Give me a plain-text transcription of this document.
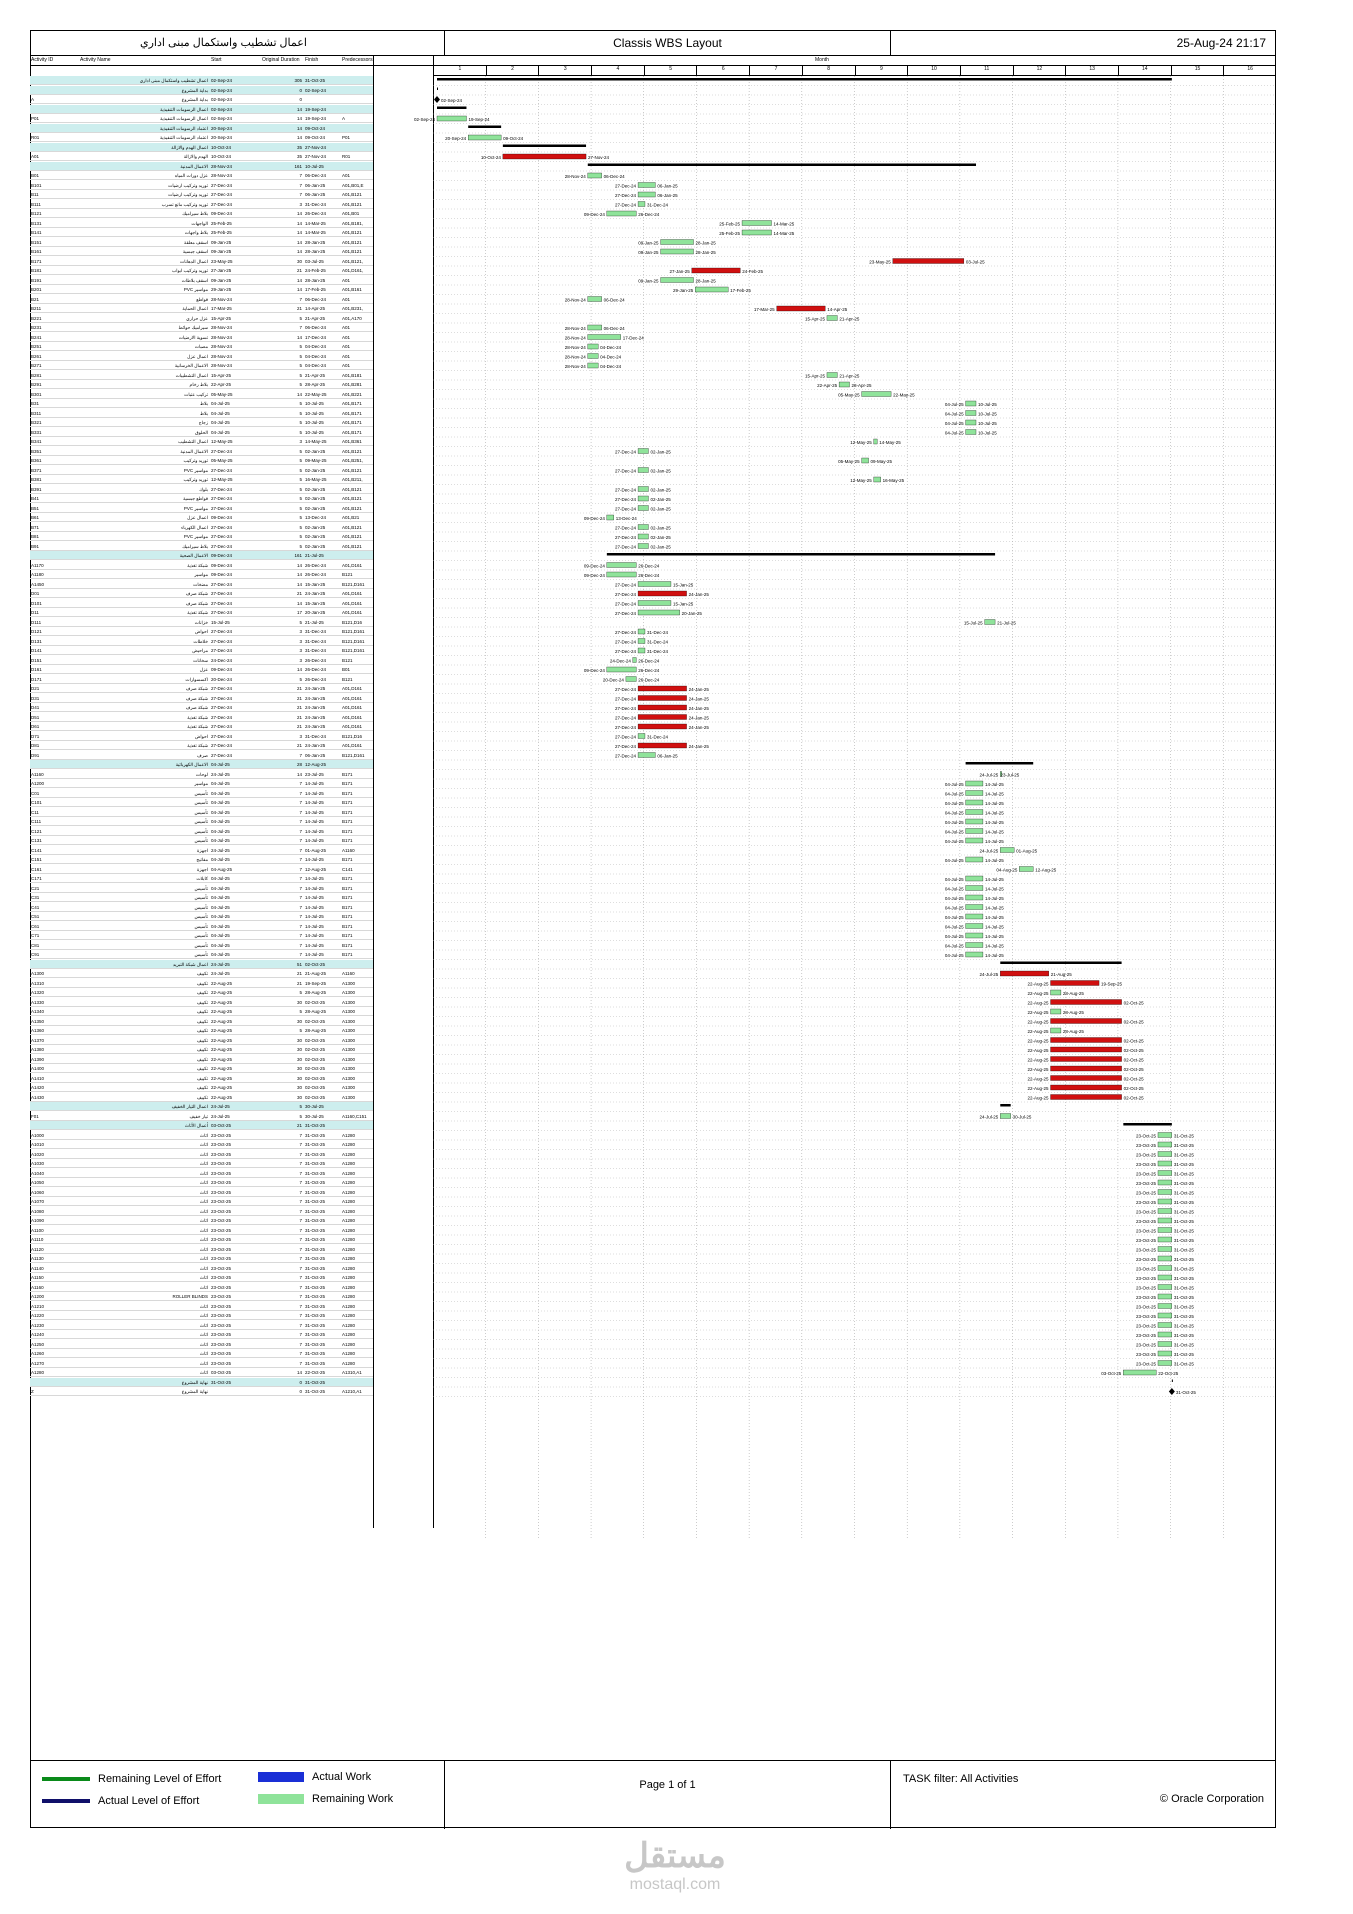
اعمال تشطيب واستكمال مبنى اداري	Classis WBS Layout	25-Aug-24 21:17
Activity ID	Activity Name	Start	Original Duration Finish	Predecessors	Month
1	2	3	4	5	6	7	8	9	10	11	12	13	14	15	16
اعمال تشطيب واستكمال مبنى اداري 02-Sep-24	305 31-Oct-25
بداية المشروع 02-Sep-24	0 02-Sep-24
A	بداية المشروع 02-Sep-24	0
اعمال الرسومات التنفيذية 02-Sep-24	14 19-Sep-24
P01	اعمال الرسومات التنفيذية 02-Sep-24	14 19-Sep-24	A
اعتماد الرسومات التنفيذية 20-Sep-24	14 09-Oct-24
R01	اعتماد الرسومات التنفيذية 20-Sep-24	14 09-Oct-24	P01
اعمال الهدم والازالة 10-Oct-24	35 27-Nov-24
A01	الهدم والازالة 10-Oct-24	35 27-Nov-24	R01
الاعمال المدنية 28-Nov-24	161 10-Jul-25
B01	عزل دورات المياه 28-Nov-24	7 06-Dec-24	A01
B101	توريد وتركيب ارضيات 27-Dec-24	7 06-Jan-25	A01,B01,E
B11	توريد وتركيب ارضيات 27-Dec-24	7 06-Jan-25	A01,B121
B111	توريد وتركيب مانع تسرب 27-Dec-24	3 31-Dec-24	A01,B121
B121	بلاط سيراميك 09-Dec-24	14 26-Dec-24	A01,B01
B131	الواجهات 25-Feb-25	14 14-Mar-25	A01,B181,
B141	بلاط واجهات 25-Feb-25	14 14-Mar-25	A01,B121
B151	اسقف معلقة 09-Jan-25	14 28-Jan-25	A01,B121
B161	اسقف جبسية 09-Jan-25	14 28-Jan-25	A01,B121
B171	اعمال الدهانات 23-May-25	30 03-Jul-25	A01,B121,
B181	توريد وتركيب ابواب 27-Jan-25	21 24-Feb-25	A01,D161,
B191	اسقف بلاطات 09-Jan-25	14 28-Jan-25	A01
B201	مواسير PVC 29-Jan-25	14 17-Feb-25	A01,B161
B21	قواطع 28-Nov-24	7 06-Dec-24	A01
B211	اعمال الحماية 17-Mar-25	21 14-Apr-25	A01,B231,
B221	عزل حراري 15-Apr-25	5 21-Apr-25	A01,A170
B231	سيراميك حوائط 28-Nov-24	7 06-Dec-24	A01
B241	تسوية الارضيات 28-Nov-24	14 17-Dec-24	A01
B251	مصبات 28-Nov-24	5 04-Dec-24	A01
B261	اعمال عزل 28-Nov-24	5 04-Dec-24	A01
B271	الاعمال الخرسانية 28-Nov-24	5 04-Dec-24	A01
B281	اعمال التشطيبات 15-Apr-25	5 21-Apr-25	A01,B181
B291	بلاط رخام 22-Apr-25	5 28-Apr-25	A01,B281
B301	تركيب عتبات 05-May-25	14 22-May-25	A01,B221
B31	بلاط 04-Jul-25	5 10-Jul-25	A01,B171
B311	بلاط 04-Jul-25	5 10-Jul-25	A01,B171
B321	زجاج 04-Jul-25	5 10-Jul-25	A01,B171
B331	الحلوق 04-Jul-25	5 10-Jul-25	A01,B171
B341	اعمال التشطيب 12-May-25	3 14-May-25	A01,B361
B351	الاعمال المدنية 27-Dec-24	5 02-Jan-25	A01,B121
B361	توريد وتركيب 05-May-25	5 09-May-25	A01,B251,
B371	مواسير PVC 27-Dec-24	5 02-Jan-25	A01,B121
B381	توريد وتركيب 12-May-25	5 16-May-25	A01,B211,
B391	بلوك 27-Dec-24	5 02-Jan-25	A01,B121
B41	قواطع جبسية 27-Dec-24	5 02-Jan-25	A01,B121
B51	مواسير PVC 27-Dec-24	5 02-Jan-25	A01,B121
B61	اعمال عزل 09-Dec-24	5 13-Dec-24	A01,B21
B71	اعمال الكهرباء 27-Dec-24	5 02-Jan-25	A01,B121
B81	مواسير PVC 27-Dec-24	5 02-Jan-25	A01,B121
B91	بلاط سيراميك 27-Dec-24	5 02-Jan-25	A01,B121
الاعمال الصحية 09-Dec-24	161 21-Jul-25
A1170	شبكة تغذية 09-Dec-24	14 26-Dec-24	A01,D161
A1180	مواسير 09-Dec-24	14 26-Dec-24	B121
A1450	مضخات 27-Dec-24	14 15-Jan-25	B121,D161
D01	شبكة صرف 27-Dec-24	21 24-Jan-25	A01,D161
D101	شبكة صرف 27-Dec-24	14 15-Jan-25	A01,D161
D11	شبكة تغذية 27-Dec-24	17 20-Jan-25	A01,D161
D111	خزانات 15-Jul-25	5 21-Jul-25	B121,D16
D121	احواض 27-Dec-24	3 31-Dec-24	B121,D161
D131	خلاطات 27-Dec-24	3 31-Dec-24	B121,D161
D141	مراحيض 27-Dec-24	3 31-Dec-24	B121,D161
D151	سخانات 24-Dec-24	3 26-Dec-24	B121
D161	عزل 09-Dec-24	14 26-Dec-24	B01
D171	اكسسوارات 20-Dec-24	5 26-Dec-24	B121
D21	شبكة صرف 27-Dec-24	21 24-Jan-25	A01,D161
D31	شبكة صرف 27-Dec-24	21 24-Jan-25	A01,D161
D41	شبكة صرف 27-Dec-24	21 24-Jan-25	A01,D161
D51	شبكة تغذية 27-Dec-24	21 24-Jan-25	A01,D161
D61	شبكة تغذية 27-Dec-24	21 24-Jan-25	A01,D161
D71	احواض 27-Dec-24	3 31-Dec-24	B121,D16
D81	شبكة تغذية 27-Dec-24	21 24-Jan-25	A01,D161
D91	صرف 27-Dec-24	7 06-Jan-25	B121,D161
الاعمال الكهربائية 04-Jul-25	28 12-Aug-25
A1160	لوحات 24-Jul-25	14 23-Jul-25	B171
A1200	مواسير 04-Jul-25	7 14-Jul-25	B171
C01	تأسيس 04-Jul-25	7 14-Jul-25	B171
C101	تأسيس 04-Jul-25	7 14-Jul-25	B171
C11	تأسيس 04-Jul-25	7 14-Jul-25	B171
C111	تأسيس 04-Jul-25	7 14-Jul-25	B171
C121	تأسيس 04-Jul-25	7 14-Jul-25	B171
C131	تأسيس 04-Jul-25	7 14-Jul-25	B171
C141	اجهزة 24-Jul-25	7 01-Aug-25	A1160
C151	مفاتيح 04-Jul-25	7 14-Jul-25	B171
C161	اجهزة 04-Aug-25	7 12-Aug-25	C141
C171	كابلات 04-Jul-25	7 14-Jul-25	B171
C21	تأسيس 04-Jul-25	7 14-Jul-25	B171
C31	تأسيس 04-Jul-25	7 14-Jul-25	B171
C41	تأسيس 04-Jul-25	7 14-Jul-25	B171
C51	تأسيس 04-Jul-25	7 14-Jul-25	B171
C61	تأسيس 04-Jul-25	7 14-Jul-25	B171
C71	تأسيس 04-Jul-25	7 14-Jul-25	B171
C81	تأسيس 04-Jul-25	7 14-Jul-25	B171
C91	تأسيس 04-Jul-25	7 14-Jul-25	B171
اعمال شبكة التبريد 24-Jul-25	51 02-Oct-25
A1300	تكييف 24-Jul-25	21 21-Aug-25	A1160
A1310	تكييف 22-Aug-25	21 19-Sep-25	A1300
A1320	تكييف 22-Aug-25	5 28-Aug-25	A1300
A1330	تكييف 22-Aug-25	30 02-Oct-25	A1300
A1340	تكييف 22-Aug-25	5 28-Aug-25	A1300
A1350	تكييف 22-Aug-25	30 02-Oct-25	A1300
A1360	تكييف 22-Aug-25	5 28-Aug-25	A1300
A1370	تكييف 22-Aug-25	30 02-Oct-25	A1300
A1380	تكييف 22-Aug-25	30 02-Oct-25	A1300
A1390	تكييف 22-Aug-25	30 02-Oct-25	A1300
A1400	تكييف 22-Aug-25	30 02-Oct-25	A1300
A1410	تكييف 22-Aug-25	30 02-Oct-25	A1300
A1420	تكييف 22-Aug-25	30 02-Oct-25	A1300
A1430	تكييف 22-Aug-25	30 02-Oct-25	A1300
اعمال التيار الخفيف 24-Jul-25	5 30-Jul-25
F01	تيار خفيف 24-Jul-25	5 30-Jul-25	A1160,C151
أعمال الأثاث 03-Oct-25	21 31-Oct-25
A1000	اثاث 23-Oct-25	7 31-Oct-25	A1280
A1010	اثاث 23-Oct-25	7 31-Oct-25	A1280
A1020	اثاث 23-Oct-25	7 31-Oct-25	A1280
A1030	اثاث 23-Oct-25	7 31-Oct-25	A1280
A1040	اثاث 23-Oct-25	7 31-Oct-25	A1280
A1050	اثاث 23-Oct-25	7 31-Oct-25	A1280
A1060	اثاث 23-Oct-25	7 31-Oct-25	A1280
A1070	اثاث 23-Oct-25	7 31-Oct-25	A1280
A1080	اثاث 23-Oct-25	7 31-Oct-25	A1280
A1090	اثاث 23-Oct-25	7 31-Oct-25	A1280
A1100	اثاث 23-Oct-25	7 31-Oct-25	A1280
A1110	اثاث 23-Oct-25	7 31-Oct-25	A1280
A1120	اثاث 23-Oct-25	7 31-Oct-25	A1280
A1130	اثاث 23-Oct-25	7 31-Oct-25	A1280
A1140	اثاث 23-Oct-25	7 31-Oct-25	A1280
A1150	اثاث 23-Oct-25	7 31-Oct-25	A1280
A1160	اثاث 23-Oct-25	7 31-Oct-25	A1280
A1200	ROLLER BLINDS 23-Oct-25	7 31-Oct-25	A1280
A1210	اثاث 23-Oct-25	7 31-Oct-25	A1280
A1220	اثاث 23-Oct-25	7 31-Oct-25	A1280
A1230	اثاث 23-Oct-25	7 31-Oct-25	A1280
A1240	اثاث 23-Oct-25	7 31-Oct-25	A1280
A1250	اثاث 23-Oct-25	7 31-Oct-25	A1280
A1260	اثاث 23-Oct-25	7 31-Oct-25	A1280
A1270	اثاث 23-Oct-25	7 31-Oct-25	A1280
A1280	اثاث 03-Oct-25	14 22-Oct-25	A1310,A1
نهاية المشروع 31-Oct-25	0 31-Oct-25
Z	نهاية المشروع	0 31-Oct-25	A1210,A1
02-Sep-24
02-Sep-24	19-Sep-24
20-Sep-24	09-Oct-24
10-Oct-24	27-Nov-24
28-Nov-24	06-Dec-24
27-Dec-24	06-Jan-25
27-Dec-24	06-Jan-25
27-Dec-24 31-Dec-24
09-Dec-24	26-Dec-24
25-Feb-25	14-Mar-25
25-Feb-25	14-Mar-25
09-Jan-25	28-Jan-25
09-Jan-25	28-Jan-25
23-May-25	03-Jul-25
27-Jan-25	24-Feb-25
09-Jan-25	28-Jan-25
29-Jan-25	17-Feb-25
28-Nov-24	06-Dec-24
17-Mar-25	14-Apr-25
15-Apr-25	21-Apr-25
28-Nov-24	06-Dec-24
28-Nov-24	17-Dec-24
28-Nov-24	04-Dec-24
28-Nov-24	04-Dec-24
28-Nov-24	04-Dec-24
15-Apr-25	21-Apr-25
22-Apr-25	28-Apr-25
05-May-25	22-May-25
04-Jul-25	10-Jul-25
04-Jul-25	10-Jul-25
04-Jul-25	10-Jul-25
04-Jul-25	10-Jul-25
12-May-25 14-May-25
27-Dec-24	02-Jan-25
05-May-25 09-May-25
27-Dec-24	02-Jan-25
12-May-25 16-May-25
27-Dec-24	02-Jan-25
27-Dec-24	02-Jan-25
27-Dec-24	02-Jan-25
09-Dec-24 13-Dec-24
27-Dec-24	02-Jan-25
27-Dec-24	02-Jan-25
27-Dec-24	02-Jan-25
09-Dec-24	26-Dec-24
09-Dec-24	26-Dec-24
27-Dec-24	15-Jan-25
27-Dec-24	24-Jan-25
27-Dec-24	15-Jan-25
27-Dec-24	20-Jan-25
15-Jul-25	21-Jul-25
27-Dec-24 31-Dec-24
27-Dec-24 31-Dec-24
27-Dec-24 31-Dec-24
24-Dec-24 26-Dec-24
09-Dec-24	26-Dec-24
20-Dec-24	26-Dec-24
27-Dec-24	24-Jan-25
27-Dec-24	24-Jan-25
27-Dec-24	24-Jan-25
27-Dec-24	24-Jan-25
27-Dec-24	24-Jan-25
27-Dec-24 31-Dec-24
27-Dec-24	24-Jan-25
27-Dec-24	06-Jan-25
24-Jul-25 23-Jul-25
04-Jul-25	14-Jul-25
04-Jul-25	14-Jul-25
04-Jul-25	14-Jul-25
04-Jul-25	14-Jul-25
04-Jul-25	14-Jul-25
04-Jul-25	14-Jul-25
04-Jul-25	14-Jul-25
24-Jul-25	01-Aug-25
04-Jul-25	14-Jul-25
04-Aug-25	12-Aug-25
04-Jul-25	14-Jul-25
04-Jul-25	14-Jul-25
04-Jul-25	14-Jul-25
04-Jul-25	14-Jul-25
04-Jul-25	14-Jul-25
04-Jul-25	14-Jul-25
04-Jul-25	14-Jul-25
04-Jul-25	14-Jul-25
04-Jul-25	14-Jul-25
24-Jul-25	21-Aug-25
22-Aug-25	19-Sep-25
22-Aug-25	28-Aug-25
22-Aug-25	02-Oct-25
22-Aug-25	28-Aug-25
22-Aug-25	02-Oct-25
22-Aug-25	28-Aug-25
22-Aug-25	02-Oct-25
22-Aug-25	02-Oct-25
22-Aug-25	02-Oct-25
22-Aug-25	02-Oct-25
22-Aug-25	02-Oct-25
22-Aug-25	02-Oct-25
22-Aug-25	02-Oct-25
24-Jul-25	30-Jul-25
23-Oct-25	31-Oct-25
23-Oct-25	31-Oct-25
23-Oct-25	31-Oct-25
23-Oct-25	31-Oct-25
23-Oct-25	31-Oct-25
23-Oct-25	31-Oct-25
23-Oct-25	31-Oct-25
23-Oct-25	31-Oct-25
23-Oct-25	31-Oct-25
23-Oct-25	31-Oct-25
23-Oct-25	31-Oct-25
23-Oct-25	31-Oct-25
23-Oct-25	31-Oct-25
23-Oct-25	31-Oct-25
23-Oct-25	31-Oct-25
23-Oct-25	31-Oct-25
23-Oct-25	31-Oct-25
23-Oct-25	31-Oct-25
23-Oct-25	31-Oct-25
23-Oct-25	31-Oct-25
23-Oct-25	31-Oct-25
23-Oct-25	31-Oct-25
23-Oct-25	31-Oct-25
23-Oct-25	31-Oct-25
23-Oct-25	31-Oct-25
03-Oct-25	22-Oct-25
31-Oct-25
Remaining Level of Effort
Actual Level of Effort
Actual Work
Remaining Work
Page 1 of 1	TASK filter: All Activities
© Oracle Corporation
مستقل
mostaql.com
